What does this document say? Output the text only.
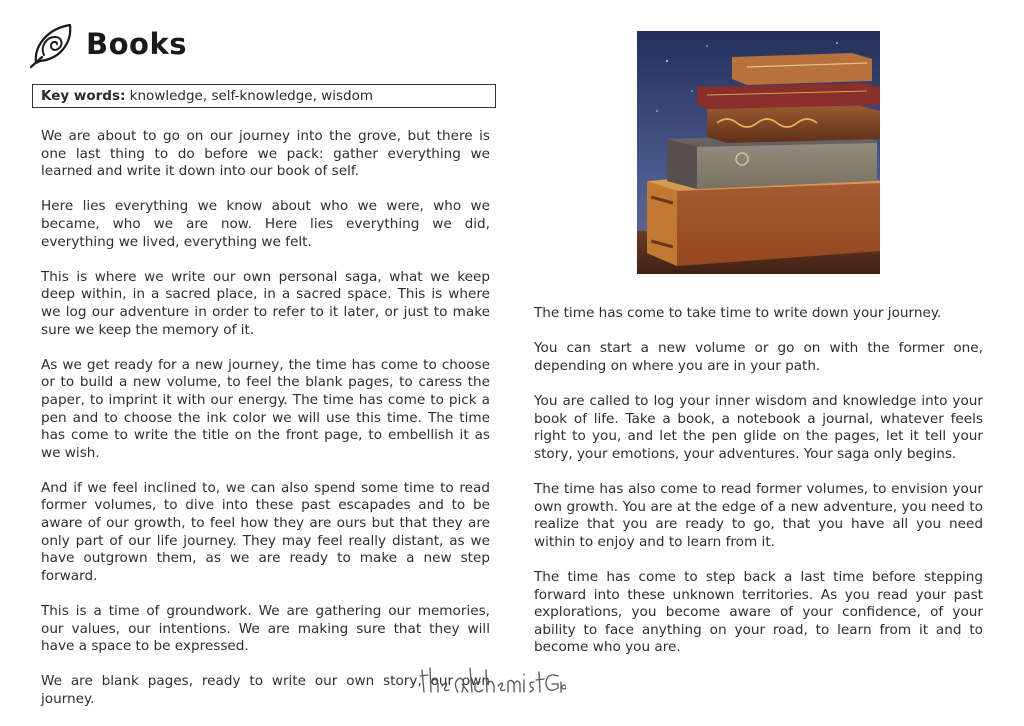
Books
Key words: knowledge, self-knowledge, wisdom

We are about to go on our journey into the grove, but there is one last thing to do before we pack: gather everything we learned and write it down into our book of self.

Here lies everything we know about who we were, who we became, who we are now. Here lies everything we did, everything we lived, everything we felt.

This is where we write our own personal saga, what we keep deep within, in a sacred place, in a sacred space. This is where we log our adventure in order to refer to it later, or just to make sure we keep the memory of it.

As we get ready for a new journey, the time has come to choose or to build a new volume, to feel the blank pages, to caress the paper, to imprint it with our energy. The time has come to pick a pen and to choose the ink color we will use this time. The time has come to write the title on the front page, to embellish it as we wish.

And if we feel inclined to, we can also spend some time to read former volumes, to dive into these past escapades and to be aware of our growth, to feel how they are ours but that they are only part of our life journey. They may feel really distant, as we have outgrown them, as we are ready to make a new step forward.

This is a time of groundwork. We are gathering our memories, our values, our intentions. We are making sure that they will have a space to be expressed.

We are blank pages, ready to write our own story, our own journey.

The time has come to take time to write down your journey.

You can start a new volume or go on with the former one, depending on where you are in your path.

You are called to log your inner wisdom and knowledge into your book of life. Take a book, a notebook a journal, whatever feels right to you, and let the pen glide on the pages, let it tell your story, your emotions, your adventures. Your saga only begins.

The time has also come to read former volumes, to envision your own growth. You are at the edge of a new adventure, you need to realize that you are ready to go, that you have all you need within to enjoy and to learn from it.

The time has come to step back a last time before stepping forward into these unknown territories. As you read your past explorations, you become aware of your confidence, of your ability to face anything on your road, to learn from it and to become who you are.
